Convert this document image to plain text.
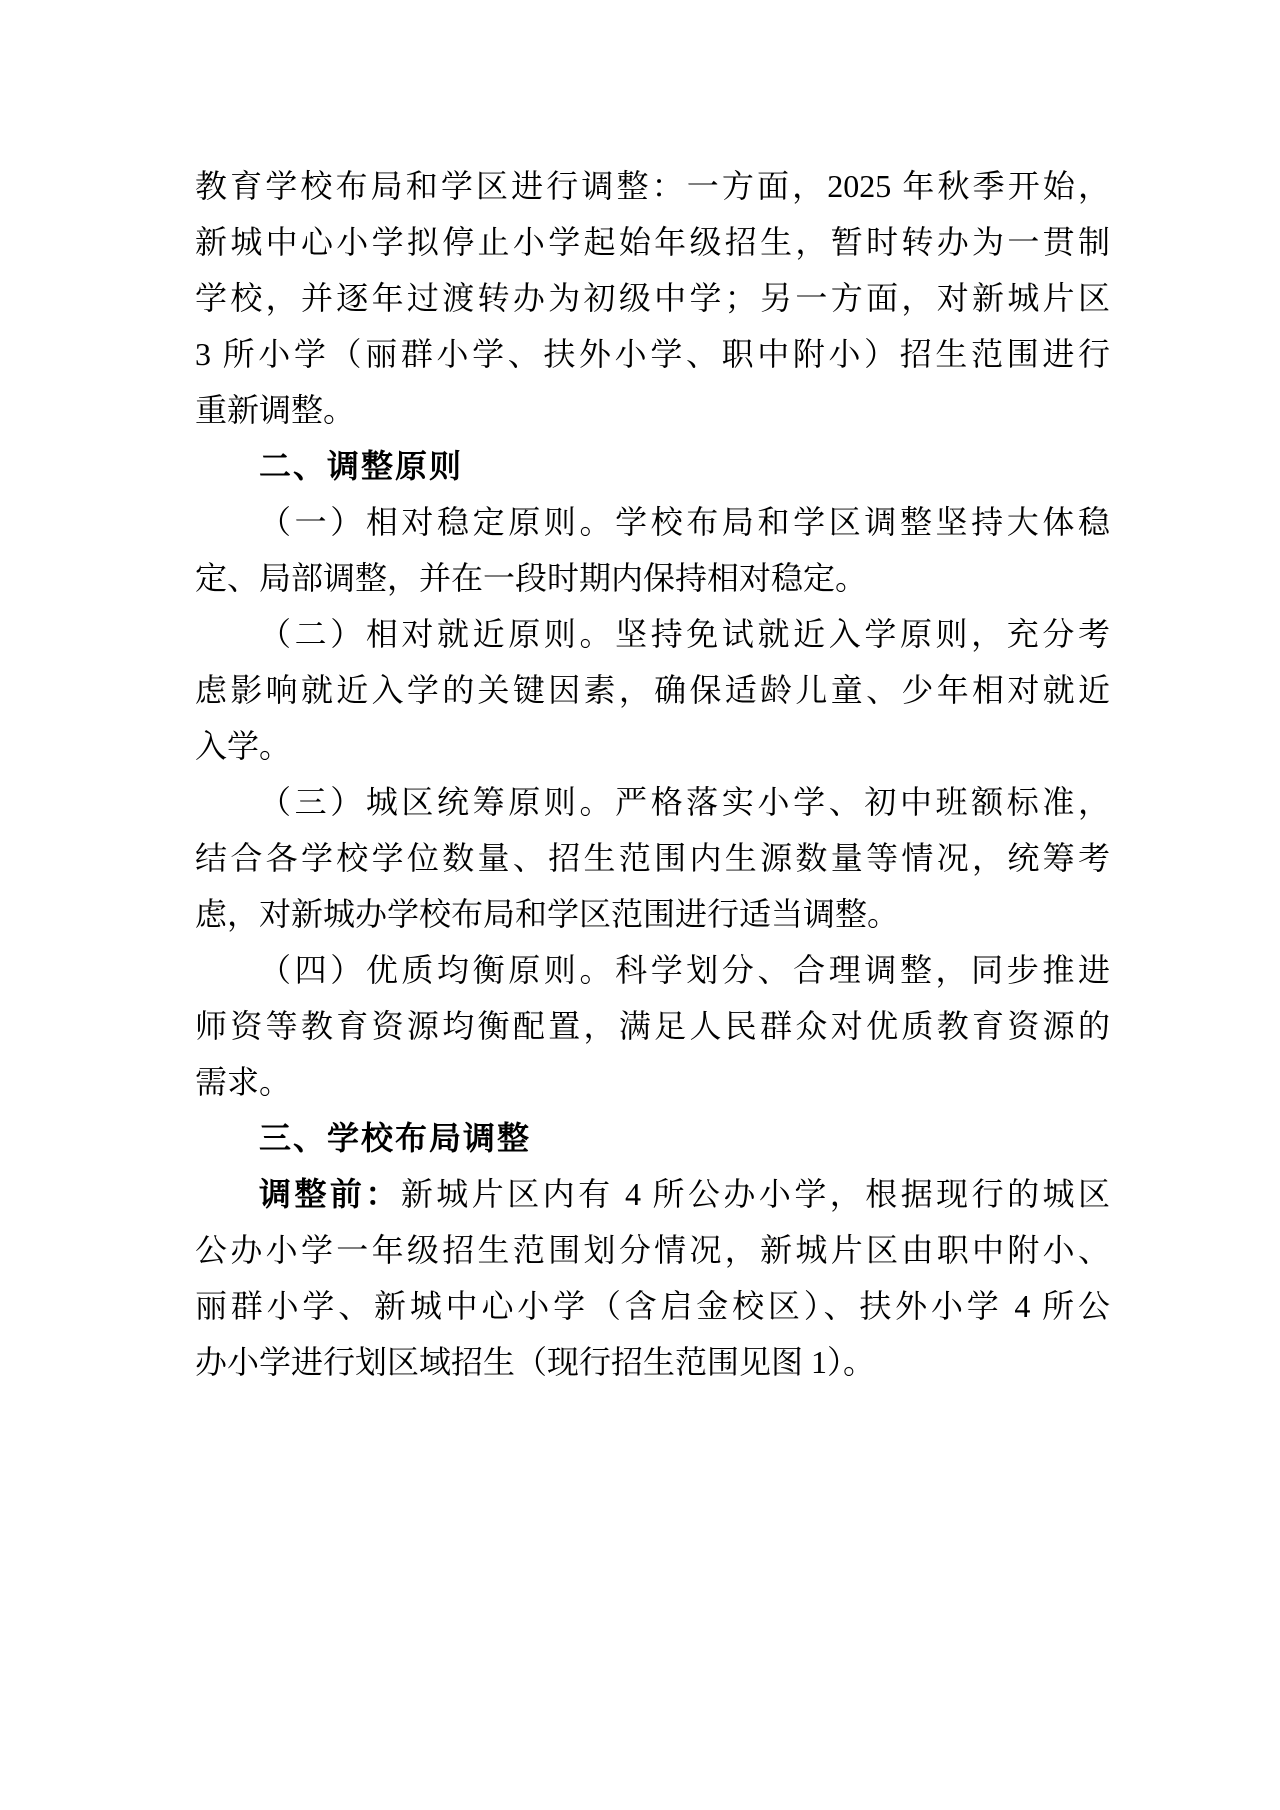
教育学校布局和学区进行调整：一方面，2025 年秋季开始，
新城中心小学拟停止小学起始年级招生，暂时转办为一贯制
学校，并逐年过渡转办为初级中学；另一方面，对新城片区
3 所小学（丽群小学、扶外小学、职中附小）招生范围进行
重新调整。
二、调整原则
（一）相对稳定原则。学校布局和学区调整坚持大体稳
定、局部调整，并在一段时期内保持相对稳定。
（二）相对就近原则。坚持免试就近入学原则，充分考
虑影响就近入学的关键因素，确保适龄儿童、少年相对就近
入学。
（三）城区统筹原则。严格落实小学、初中班额标准，
结合各学校学位数量、招生范围内生源数量等情况，统筹考
虑，对新城办学校布局和学区范围进行适当调整。
（四）优质均衡原则。科学划分、合理调整，同步推进
师资等教育资源均衡配置，满足人民群众对优质教育资源的
需求。
三、学校布局调整
调整前：新城片区内有 4 所公办小学，根据现行的城区
公办小学一年级招生范围划分情况，新城片区由职中附小、
丽群小学、新城中心小学（含启金校区）、扶外小学 4 所公
办小学进行划区域招生（现行招生范围见图 1）。
